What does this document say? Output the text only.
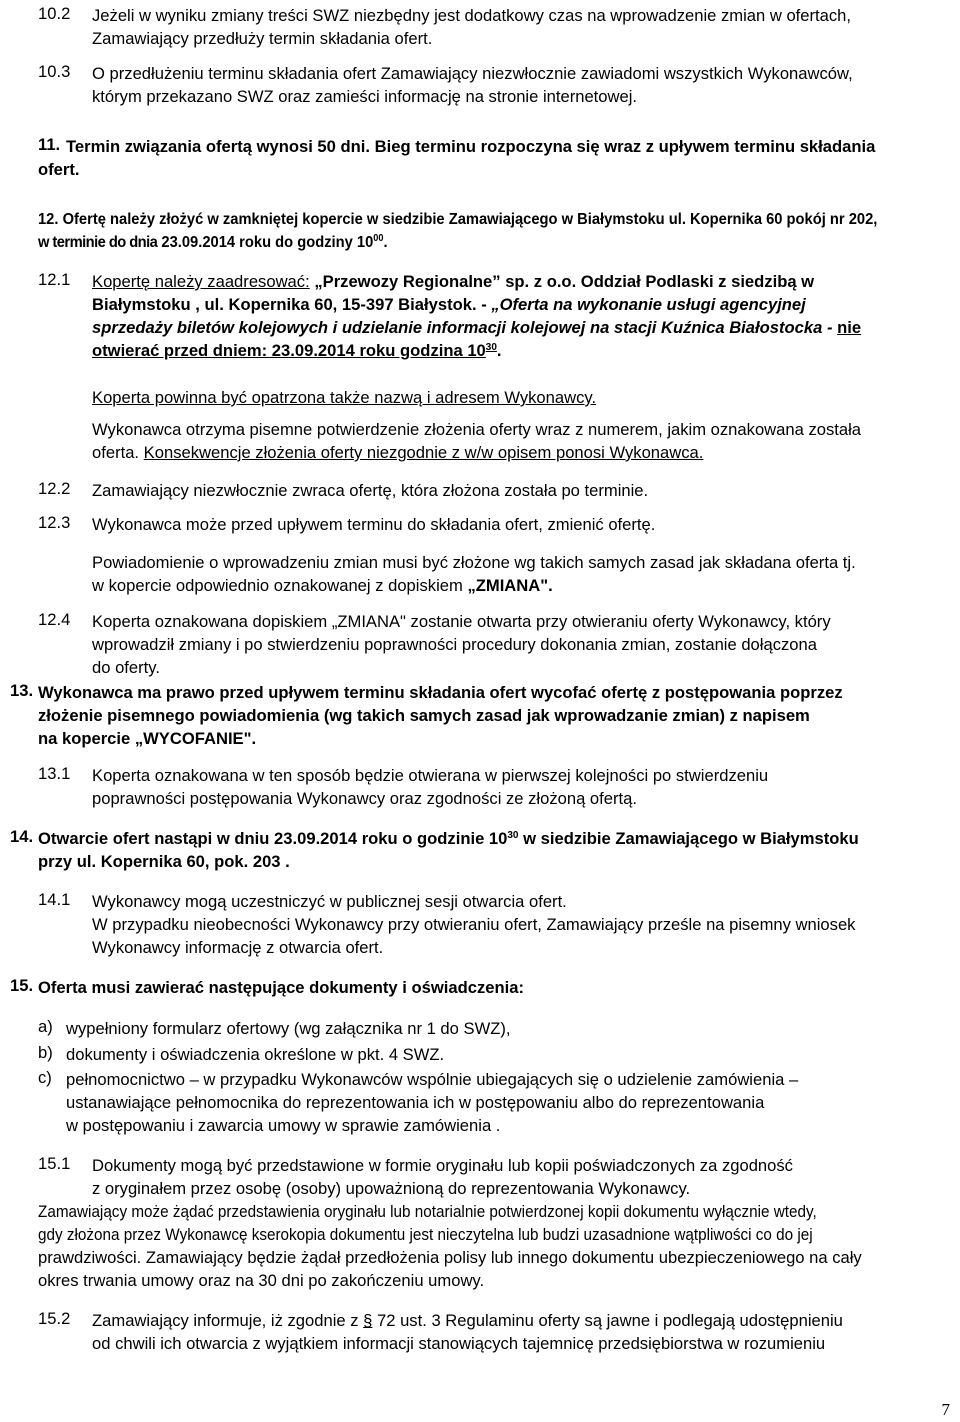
10.2 Jeżeli w wyniku zmiany treści SWZ niezbędny jest dodatkowy czas na wprowadzenie zmian w ofertach,
Zamawiający przedłuży termin składania ofert.
10.3 O przedłużeniu terminu składania ofert Zamawiający niezwłocznie zawiadomi wszystkich Wykonawców,
którym przekazano SWZ oraz zamieści informację na stronie internetowej.
11. Termin związania ofertą wynosi 50 dni. Bieg terminu rozpoczyna się wraz z upływem terminu składania
ofert.
12. Ofertę należy złożyć w zamkniętej kopercie w siedzibie Zamawiającego w Białymstoku ul. Kopernika 60 pokój nr 202,
w terminie do dnia 23.09.2014 roku do godziny $10^{00}$.
12.1 Kopertę należy zaadresować: „Przewozy Regionalne” sp. z o.o. Oddział Podlaski z siedzibą w
Białymstoku , ul. Kopernika 60, 15-397 Białystok. - „Oferta na wykonanie usługi agencyjnej
sprzedaży biletów kolejowych i udzielanie informacji kolejowej na stacji Kuźnica Białostocka - nie
otwierać przed dniem: 23.09.2014 roku godzina $10^{30}$.
Koperta powinna być opatrzona także nazwą i adresem Wykonawcy.
Wykonawca otrzyma pisemne potwierdzenie złożenia oferty wraz z numerem, jakim oznakowana została
oferta. Konsekwencje złożenia oferty niezgodnie z w/w opisem ponosi Wykonawca.
12.2 Zamawiający niezwłocznie zwraca ofertę, która złożona została po terminie.
12.3 Wykonawca może przed upływem terminu do składania ofert, zmienić ofertę.
Powiadomienie o wprowadzeniu zmian musi być złożone wg takich samych zasad jak składana oferta tj.
w kopercie odpowiednio oznakowanej z dopiskiem „ZMIANA".
12.4 Koperta oznakowana dopiskiem „ZMIANA" zostanie otwarta przy otwieraniu oferty Wykonawcy, który
wprowadził zmiany i po stwierdzeniu poprawności procedury dokonania zmian, zostanie dołączona
do oferty.
13. Wykonawca ma prawo przed upływem terminu składania ofert wycofać ofertę z postępowania poprzez
złożenie pisemnego powiadomienia (wg takich samych zasad jak wprowadzanie zmian) z napisem
na kopercie „WYCOFANIE".
13.1 Koperta oznakowana w ten sposób będzie otwierana w pierwszej kolejności po stwierdzeniu
poprawności postępowania Wykonawcy oraz zgodności ze złożoną ofertą.
14. Otwarcie ofert nastąpi w dniu 23.09.2014 roku o godzinie $10^{30}$ w siedzibie Zamawiającego w Białymstoku
przy ul. Kopernika 60, pok. 203 .
14.1 Wykonawcy mogą uczestniczyć w publicznej sesji otwarcia ofert.
W przypadku nieobecności Wykonawcy przy otwieraniu ofert, Zamawiający prześle na pisemny wniosek
Wykonawcy informację z otwarcia ofert.
15. Oferta musi zawierać następujące dokumenty i oświadczenia:
a) wypełniony formularz ofertowy (wg załącznika nr 1 do SWZ),
b) dokumenty i oświadczenia określone w pkt. 4 SWZ.
c) pełnomocnictwo – w przypadku Wykonawców wspólnie ubiegających się o udzielenie zamówienia –
ustanawiające pełnomocnika do reprezentowania ich w postępowaniu albo do reprezentowania
w postępowaniu i zawarcia umowy w sprawie zamówienia .
15.1 Dokumenty mogą być przedstawione w formie oryginału lub kopii poświadczonych za zgodność
z oryginałem przez osobę (osoby) upoważnioną do reprezentowania Wykonawcy.
Zamawiający może żądać przedstawienia oryginału lub notarialnie potwierdzonej kopii dokumentu wyłącznie wtedy,
gdy złożona przez Wykonawcę kserokopia dokumentu jest nieczytelna lub budzi uzasadnione wątpliwości co do jej
prawdziwości. Zamawiający będzie żądał przedłożenia polisy lub innego dokumentu ubezpieczeniowego na cały
okres trwania umowy oraz na 30 dni po zakończeniu umowy.
15.2 Zamawiający informuje, iż zgodnie z § 72 ust. 3 Regulaminu oferty są jawne i podlegają udostępnieniu
od chwili ich otwarcia z wyjątkiem informacji stanowiących tajemnicę przedsiębiorstwa w rozumieniu
7
